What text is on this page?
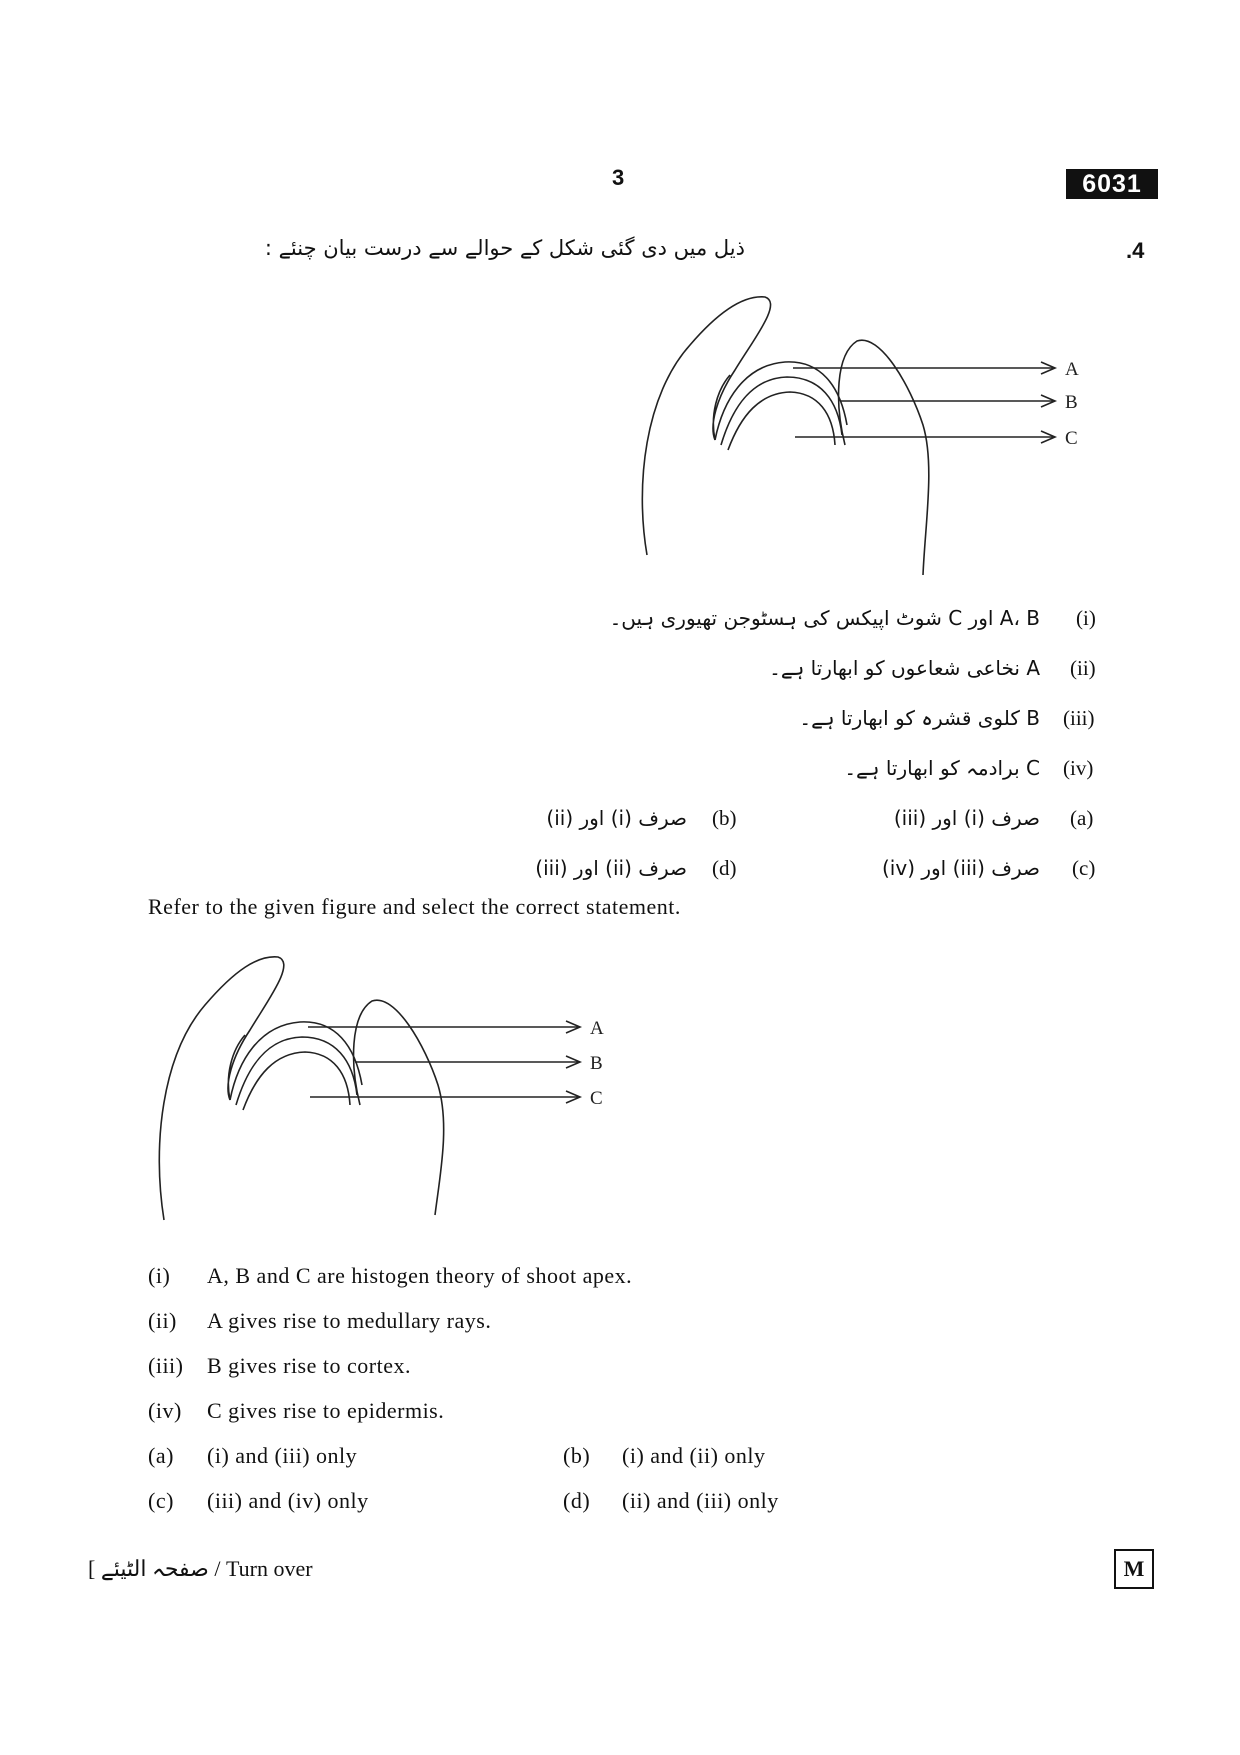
3	6031
.4
ذیل میں دی گئی شکل کے حوالے سے درست بیان چنئے :
A
B
C
(i)
A، B اور C شوٹ اپیکس کی ہسٹوجن تھیوری ہیں۔
(ii)
A نخاعی شعاعوں کو ابھارتا ہے۔
(iii)
B کلوی قشرہ کو ابھارتا ہے۔
(iv)
C برادمہ کو ابھارتا ہے۔
(a)
صرف (i) اور (iii)
(b)
صرف (i) اور (ii)
(c)
صرف (iii) اور (iv)
(d)
صرف (ii) اور (iii)
Refer to the given figure and select the correct statement.
A
B
C
(i) A, B and C are histogen theory of shoot apex.
(ii) A gives rise to medullary rays.
(iii) B gives rise to cortex.
(iv) C gives rise to epidermis.
(a) (i) and (iii) only	(b) (i) and (ii) only
(c) (iii) and (iv) only	(d) (ii) and (iii) only
[ صفحہ الٹیئے / Turn over	M
